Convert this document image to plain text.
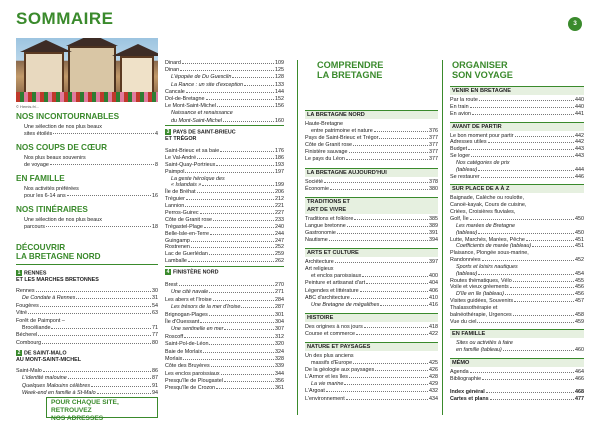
SOMMAIRE	3
© Hemis.fr/...
NOS INCONTOURNABLES
Une sélection de nos plus beaux
sites étoilés	4
NOS COUPS DE CŒUR
Nos plus beaux souvenirs
de voyage	8
EN FAMILLE
Nos activités préférées
pour les 6-14 ans	16
NOS ITINÉRAIRES
Une sélection de nos plus beaux
parcours	18
DÉCOUVRIR
LA BRETAGNE NORD
1 RENNES
ET LES MARCHES BRETONNES
Rennes	30
De Condate à Rennes	31
Fougères	54
Vitré	63
Forêt de Paimpont –
Brocéliande	71
Bécherel	77
Combourg	80
2 DE SAINT-MALO
AU MONT-SAINT-MICHEL
Saint-Malo	86
L'identité malouine	87
Quelques Malouins célèbres	91
Week-end en famille à St-Malo	94
POUR CHAQUE SITE,
RETROUVEZ
NOS ADRESSES
Dinard	109
Dinan	125
L'épopée de Du Guesclin	128
La Rance : un site d'exception	133
Cancale	144
Dol-de-Bretagne	152
Le Mont-Saint-Michel	156
Naissance et renaissance
du Mont-Saint-Michel	160
3 PAYS DE SAINT-BRIEUC
ET TRÉGOR
Saint-Brieuc et sa baie	176
Le Val-André	186
Saint-Quay-Portrieux	193
Paimpol	197
La geste héroïque des
« Islandais »	199
Île de Bréhat	206
Tréguier	212
Lannion	221
Perros-Guirec	227
Côte de Granit rose	233
Trégastel-Plage	240
Belle-Isle-en-Terre	244
Guingamp	247
Rostrenen	252
Lac de Guerlédan	259
Lamballe	262
4 FINISTÈRE NORD
Brest	270
Une cité navale	271
Les abers et l'Iroise	284
Les trésors de la mer d'Iroise	287
Brignogan-Plages	301
Île d'Ouessant	304
Une sentinelle en mer	307
Roscoff	312
Saint-Pol-de-Léon	320
Baie de Morlaix	324
Morlaix	328
Côte des Bruyères	339
Les enclos paroissiaux	344
Presqu'île de Plougastel	356
Presqu'île de Crozon	361
COMPRENDRE
LA BRETAGNE
LA BRETAGNE NORD
Haute-Bretagne
entre patrimoine et nature	376
Pays de Saint-Brieuc et Trégor	377
Côte de Granit rose	377
Finistère sauvage	377
Le pays du Léon	377
LA BRETAGNE AUJOURD'HUI
Société	378
Économie	380
TRADITIONS ET
ART DE VIVRE
Traditions et folklore	385
Langue bretonne	389
Gastronomie	391
Nautisme	394
ARTS ET CULTURE
Architecture	397
Art religieux
et enclos paroissiaux	400
Peinture et artisanat d'art	404
Légendes et littérature	406
ABC d'architecture	410
Une Bretagne de mégalithes	416
HISTOIRE
Des origines à nos jours	418
Course et commerce	422
NATURE ET PAYSAGES
Un des plus anciens
massifs d'Europe	425
De la géologie aux paysages	426
L'Armor et les îles	428
La vie marine	429
L'Argoat	432
L'environnement	434
ORGANISER
SON VOYAGE
VENIR EN BRETAGNE
Par la route	440
En train	440
En avion	441
AVANT DE PARTIR
Le bon moment pour partir	442
Adresses utiles	442
Budget	443
Se loger	443
Nos catégories de prix
(tableau)	444
Se restaurer	446
SUR PLACE DE A À Z
Baignade, Calèche ou roulotte,
Canoë-kayak, Cours de cuisine,
Criées, Croisières fluviales,
Golf, Île	450
Les marées de Bretagne
(tableau)	450
Lutte, Marchés, Marées, Pêche	451
Coefficients de marée (tableau)	451
Plaisance, Plongée sous-marine,
Randonnées	452
Sports et loisirs nautiques
(tableau)	454
Routes thématiques, Vélo	455
Voile et vieux gréements	456
D'île en île (tableau)	456
Visites guidées, Souvenirs	457
Thalassothérapie et
balnéothérapie, Urgences	458
Vue du ciel	459
EN FAMILLE
Sites ou activités à faire
en famille (tableau)	460
MÉMO
Agenda	464
Bibliographie	466
Index général	468
Cartes et plans	477
